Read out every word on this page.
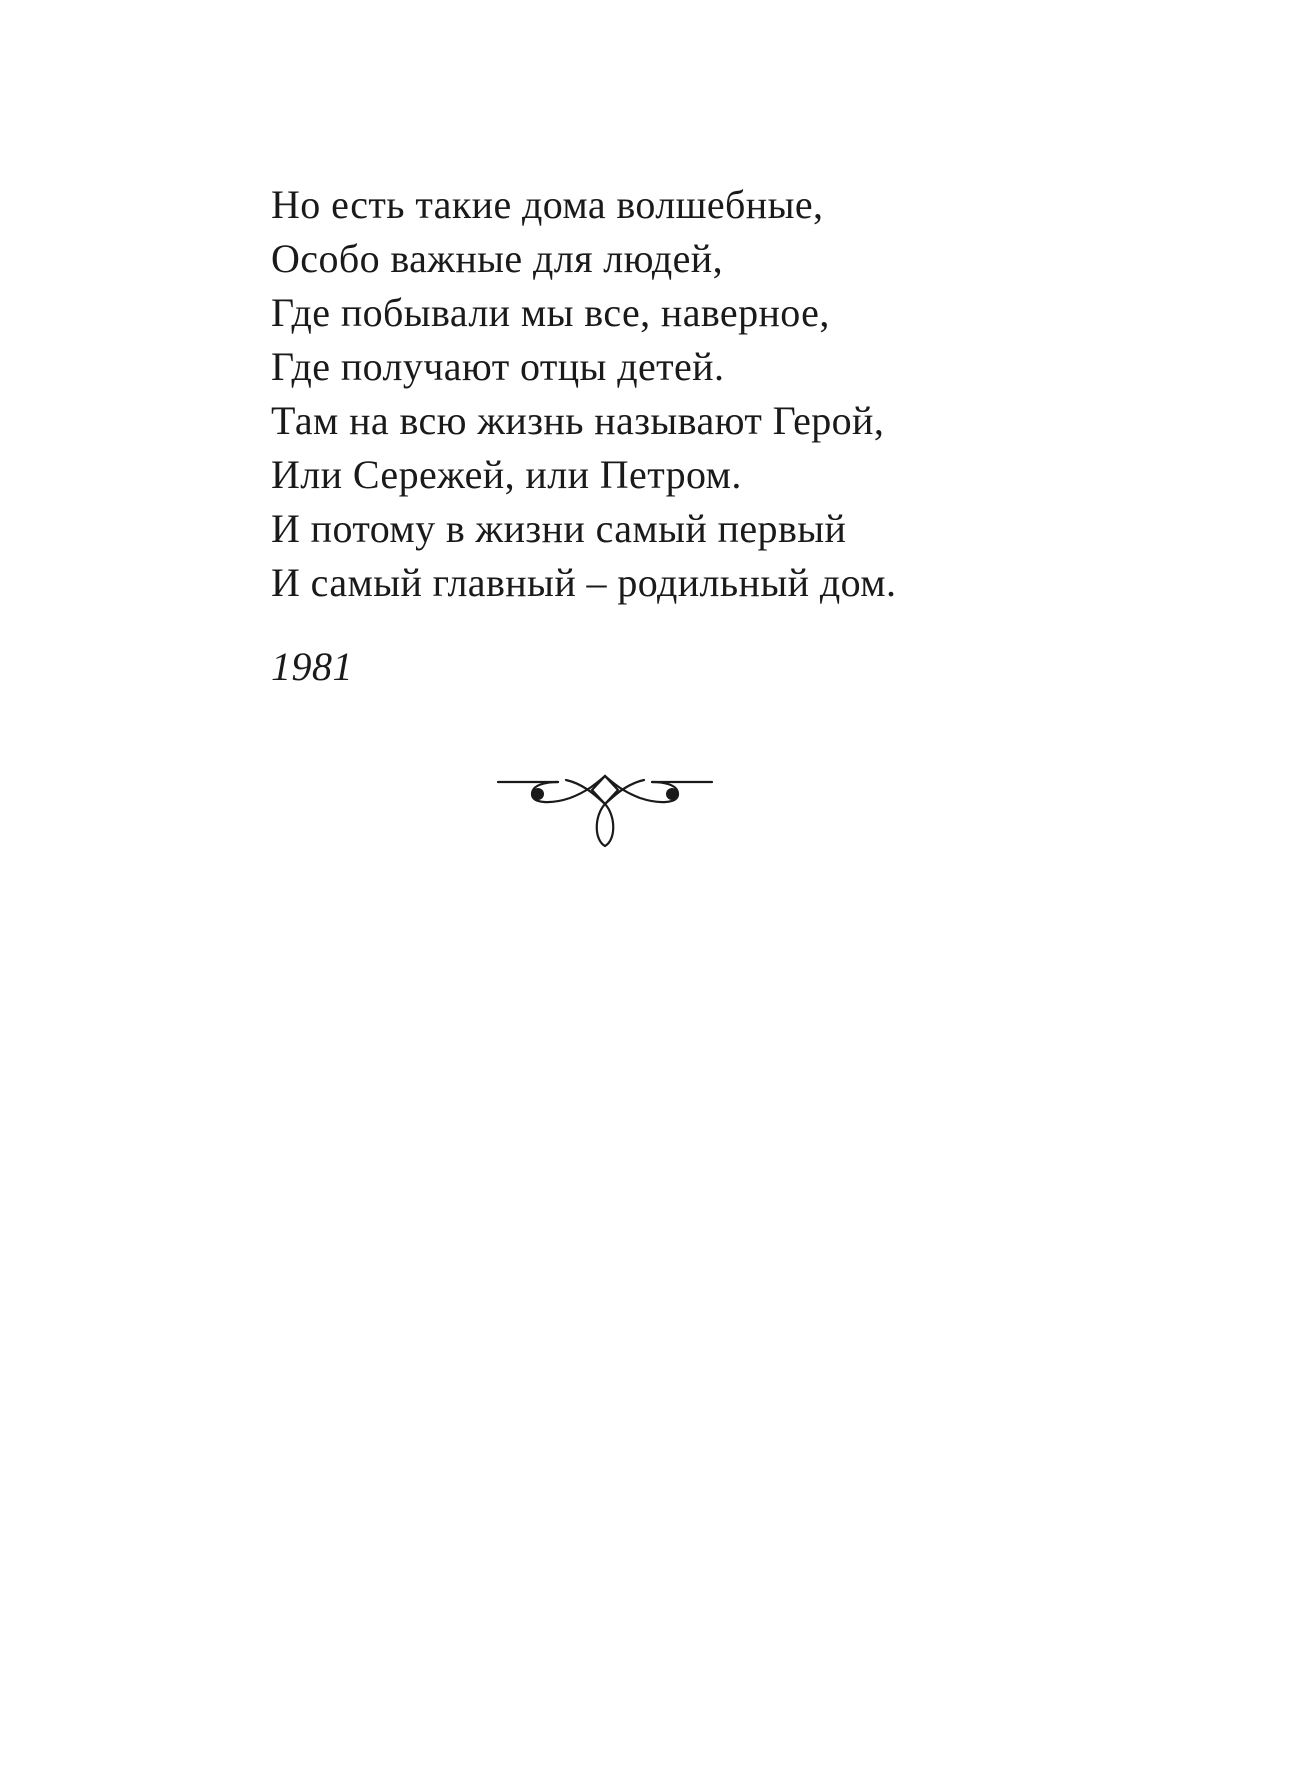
Но есть такие дома волшебные,
Особо важные для людей,
Где побывали мы все, наверное,
Где получают отцы детей.
Там на всю жизнь называют Герой,
Или Сережей, или Петром.
И потому в жизни самый первый
И самый главный – родильный дом.
1981
